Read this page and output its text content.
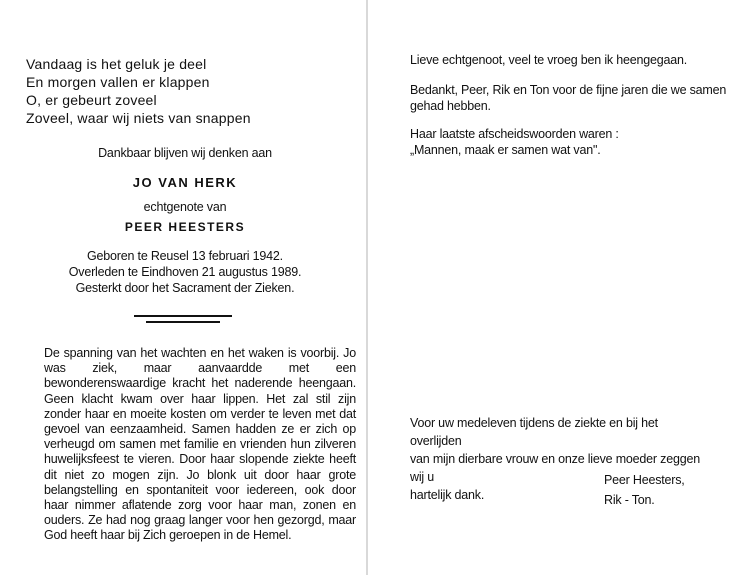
Vandaag is het geluk je deel
En morgen vallen er klappen
O, er gebeurt zoveel
Zoveel, waar wij niets van snappen
Dankbaar blijven wij denken aan
JO VAN HERK
echtgenote van
PEER HEESTERS
Geboren te Reusel 13 februari 1942.
Overleden te Eindhoven 21 augustus 1989.
Gesterkt door het Sacrament der Zieken.
De spanning van het wachten en het waken is voorbij. Jo was ziek, maar aanvaardde met een bewonderenswaardige kracht het naderende heengaan. Geen klacht kwam over haar lippen. Het zal stil zijn zonder haar en moeite kosten om verder te leven met dat gevoel van eenzaamheid. Samen hadden ze er zich op verheugd om samen met familie en vrienden hun zilveren huwelijksfeest te vieren. Door haar slopende ziekte heeft dit niet zo mogen zijn. Jo blonk uit door haar grote belangstelling en spontaniteit voor iedereen, ook door haar nimmer aflatende zorg voor haar man, zonen en ouders. Ze had nog graag langer voor hen gezorgd, maar God heeft haar bij Zich geroepen in de Hemel.
Lieve echtgenoot, veel te vroeg ben ik heengegaan.
Bedankt, Peer, Rik en Ton voor de fijne jaren die we samen
gehad hebben.
Haar laatste afscheidswoorden waren :
„Mannen, maak er samen wat van".
Voor uw medeleven tijdens de ziekte en bij het overlijden
van mijn dierbare vrouw en onze lieve moeder zeggen wij u
hartelijk dank.
Peer Heesters,
Rik - Ton.
